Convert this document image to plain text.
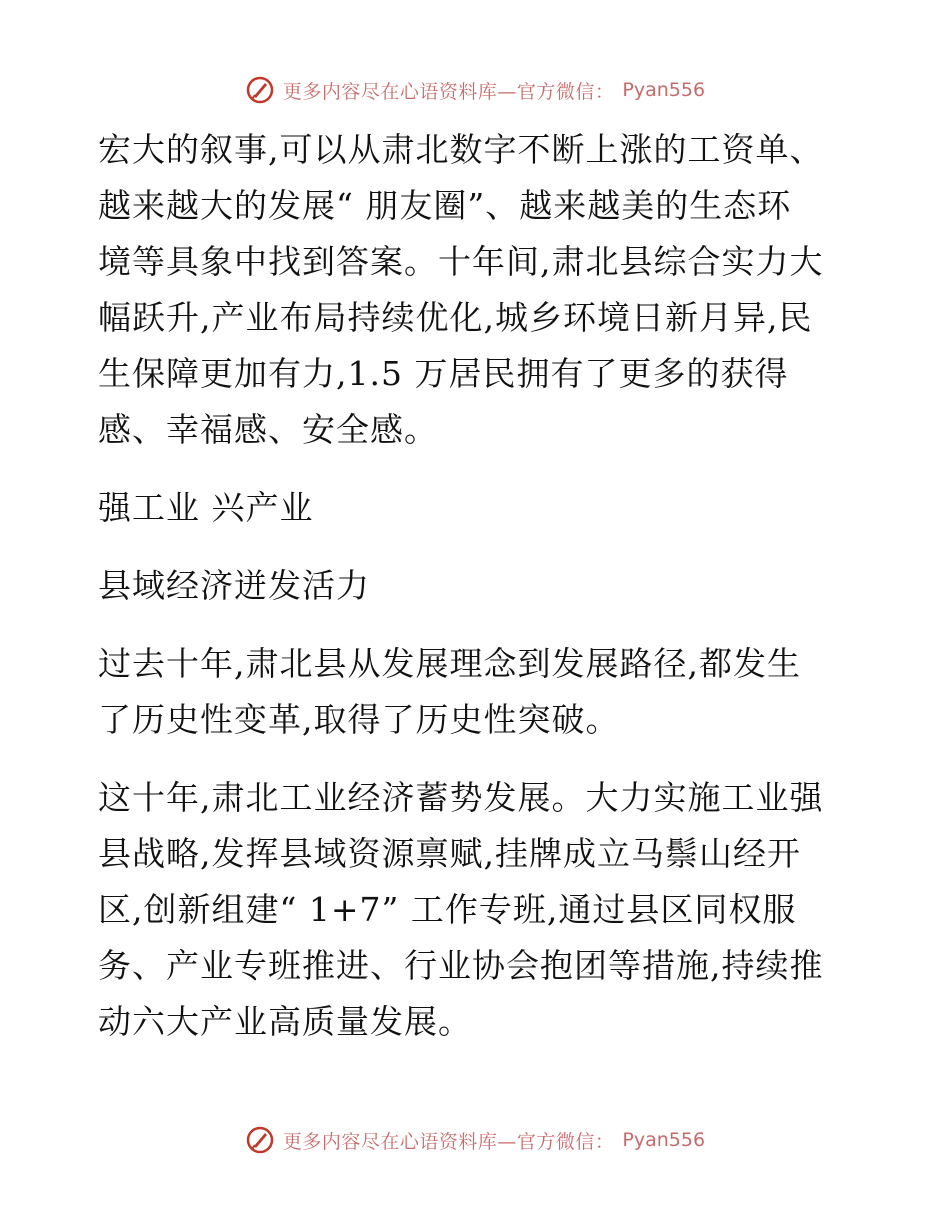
更多内容尽在心语资料库—官方微信： Pyan556

宏大的叙事,可以从肃北数字不断上涨的工资单、
越来越大的发展“ 朋友圈”、越来越美的生态环
境等具象中找到答案。十年间,肃北县综合实力大
幅跃升,产业布局持续优化,城乡环境日新月异,民
生保障更加有力,1.5 万居民拥有了更多的获得
感、幸福感、安全感。

强工业 兴产业

县域经济迸发活力

过去十年,肃北县从发展理念到发展路径,都发生
了历史性变革,取得了历史性突破。

这十年,肃北工业经济蓄势发展。大力实施工业强
县战略,发挥县域资源禀赋,挂牌成立马鬃山经开
区,创新组建“ 1+7” 工作专班,通过县区同权服
务、产业专班推进、行业协会抱团等措施,持续推
动六大产业高质量发展。

更多内容尽在心语资料库—官方微信： Pyan556
